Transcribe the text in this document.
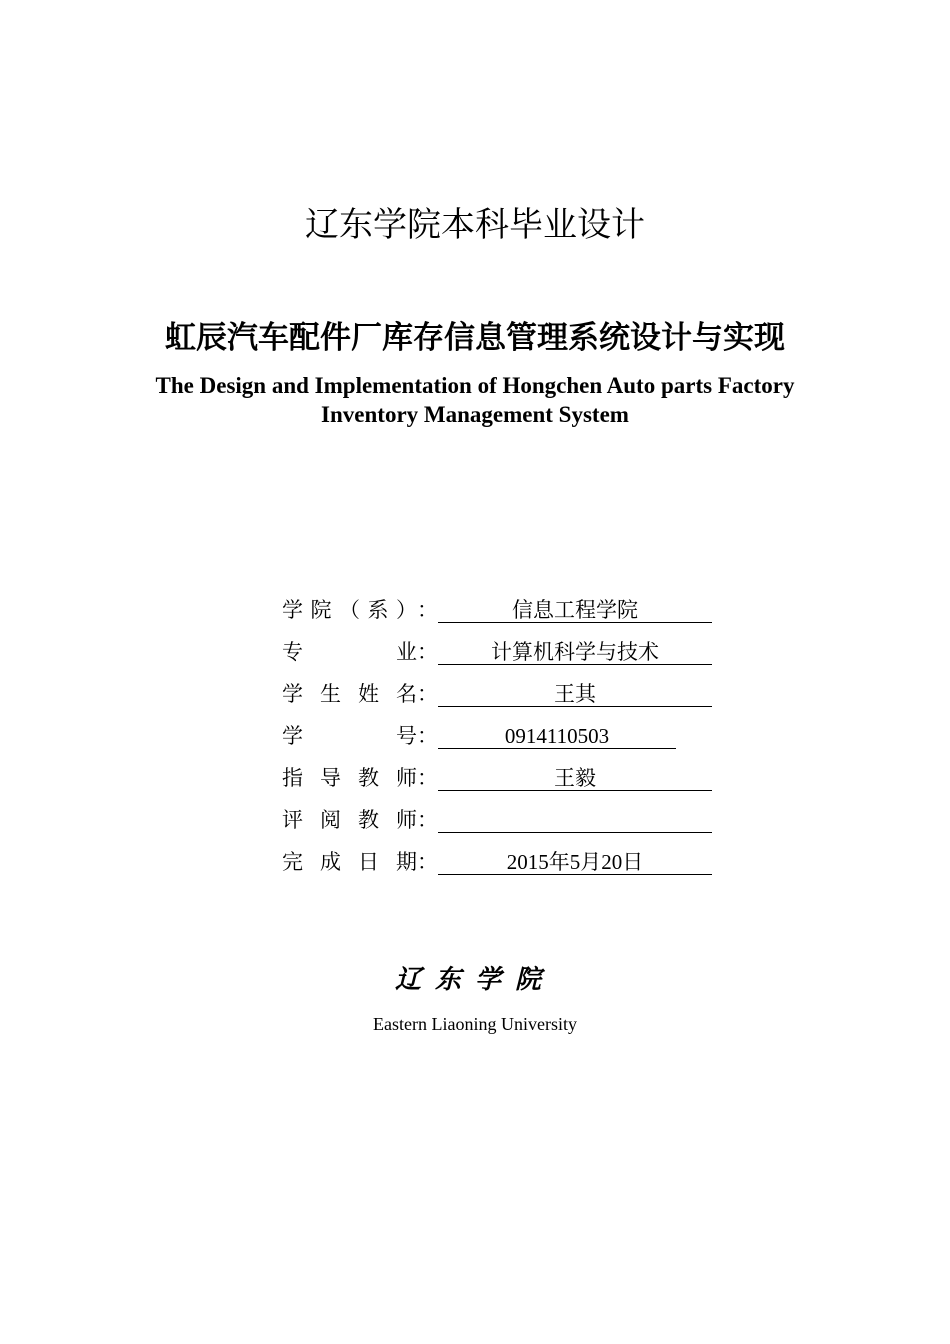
辽东学院本科毕业设计
虹辰汽车配件厂库存信息管理系统设计与实现
The Design and Implementation of Hongchen Auto parts Factory
Inventory Management System
学院（系）：	信息工程学院
专业：	计算机科学与技术
学生姓名：	王其
学号：	0914110503
指导教师：	王毅
评阅教师：
完成日期：	2015年5月20日
辽东学院
Eastern Liaoning University
